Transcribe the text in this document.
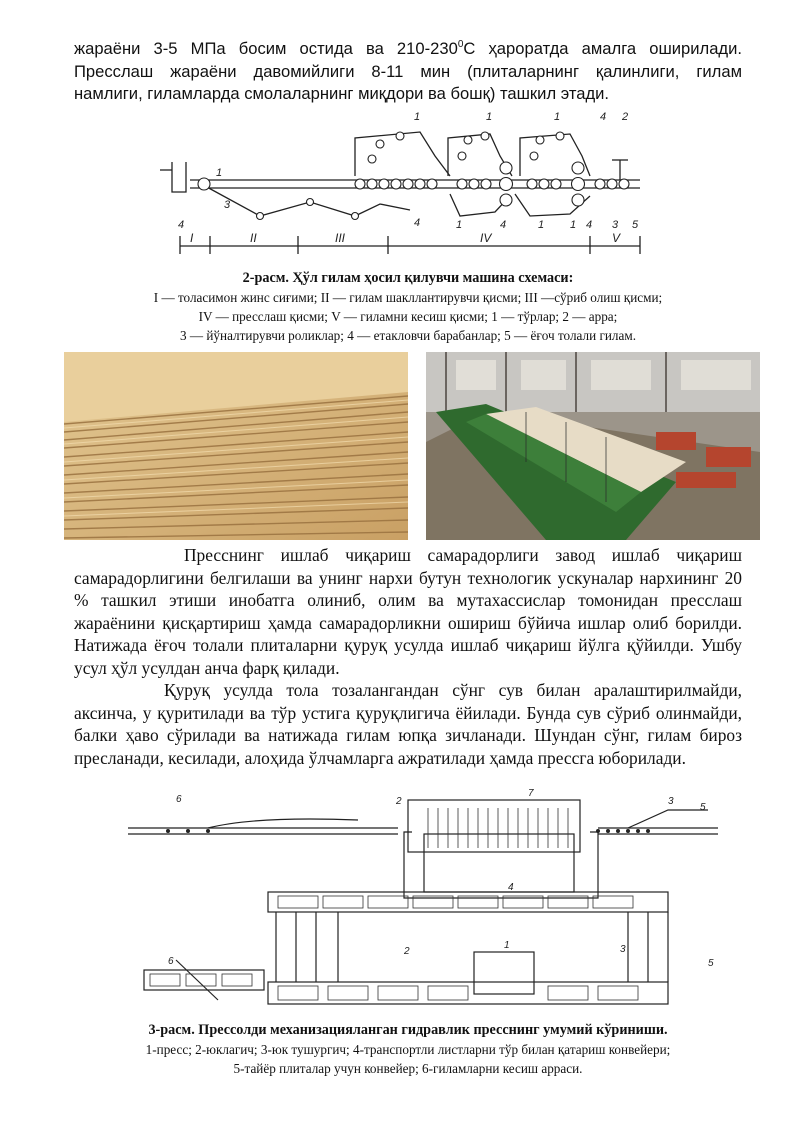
жараёни 3-5 МПа босим остида ва $210-230^0С$ ҳароратда амалга оширилади.
Пресслаш жараёни давомийлиги 8-11 мин (плиталарнинг қалинлиги, гилам
намлиги, гиламларда смолаларнинг миқдори ва бошқ) ташкил этади.
1	1	1	4 2
1
4
3
4	4
1	1 1 4 3 5
I	II	III	IV	V
2-расм. Ҳўл гилам ҳосил қилувчи машина схемаси:
I — толасимон жинс сиғими; II — гилам шакллантирувчи қисми; III —сўриб олиш қисми;
IV — пресслаш қисми; V — гиламни кесиш қисми; 1 — тўрлар; 2 — арра;
3 — йўналтирувчи роликлар; 4 — етакловчи барабанлар; 5 — ёғоч толали гилам.
Пресснинг ишлаб чиқариш самарадорлиги завод ишлаб чиқариш самарадорлигини белгилаши ва унинг нархи бутун технологик ускуналар нархининг 20 % ташкил этиши инобатга олиниб, олим ва мутахассислар томонидан пресслаш жараёнини қисқартириш ҳамда самарадорликни ошириш бўйича ишлар олиб борилди. Натижада ёғоч толали плиталарни қуруқ усулда ишлаб чиқариш йўлга қўйилди. Ушбу усул ҳўл усулдан анча фарқ қилади.
Қуруқ усулда тола тозалангандан сўнг сув билан аралаштирилмайди, аксинча, у қуритилади ва тўр устига қуруқлигича ёйилади. Бунда сув сўриб олинмайди, балки ҳаво сўрилади ва натижада гилам юпқа зичланади. Шундан сўнг, гилам бироз пресланади, кесилади, алоҳида ўлчамларга ажратилади ҳамда прессга юборилади.
6	2
7
3
5
4
6
2
1	3
5
3-расм. Прессолди механизацияланган гидравлик пресснинг умумий кўриниши.
1-пресс; 2-юклагич; 3-юк тушургич; 4-транспортли листларни тўр билан қатариш конвейери;
5-тайёр плиталар учун конвейер; 6-гиламларни кесиш арраси.
